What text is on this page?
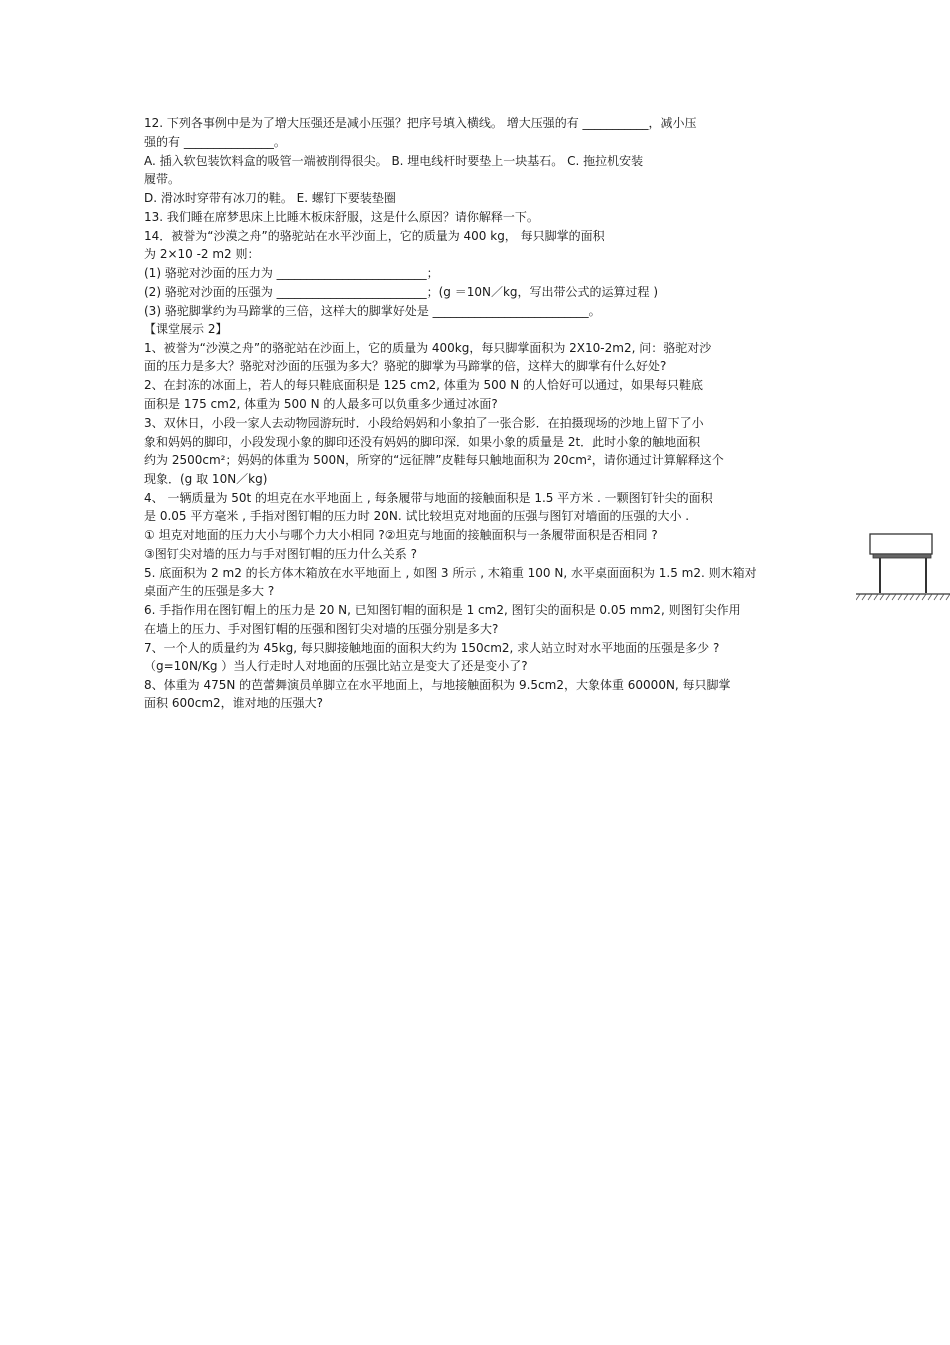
12. 下列各事例中是为了增大压强还是减小压强？把序号填入横线。 增大压强的有 ___________，减小压
强的有 _______________。
A. 插入软包装饮料盒的吸管一端被削得很尖。 B. 埋电线杆时要垫上一块基石。 C. 拖拉机安装
履带。
D. 滑冰时穿带有冰刀的鞋。 E. 螺钉下要装垫圈
13. 我们睡在席梦思床上比睡木板床舒服，这是什么原因？请你解释一下。
14．被誉为“沙漠之舟”的骆驼站在水平沙面上，它的质量为 400 kg， 每只脚掌的面积
为 2×10 -2 m2 则：
(1) 骆驼对沙面的压力为 _________________________；
(2) 骆驼对沙面的压强为 _________________________；(g ＝10N／kg，写出带公式的运算过程 )
(3) 骆驼脚掌约为马蹄掌的三倍，这样大的脚掌好处是 __________________________。
【课堂展示 2】
1、被誉为“沙漠之舟”的骆驼站在沙面上，它的质量为 400kg，每只脚掌面积为 2X10-2m2, 问：骆驼对沙
面的压力是多大？骆驼对沙面的压强为多大？骆驼的脚掌为马蹄掌的倍，这样大的脚掌有什么好处?
2、在封冻的冰面上，若人的每只鞋底面积是 125 cm2, 体重为 500 N 的人恰好可以通过，如果每只鞋底
面积是 175 cm2, 体重为 500 N 的人最多可以负重多少通过冰面?
3、双休日，小段一家人去动物园游玩时．小段给妈妈和小象拍了一张合影．在拍摄现场的沙地上留下了小
象和妈妈的脚印，小段发现小象的脚印还没有妈妈的脚印深．如果小象的质量是 2t．此时小象的触地面积
约为 2500cm²；妈妈的体重为 500N，所穿的“远征牌”皮鞋每只触地面积为 20cm²，请你通过计算解释这个
现象．(g 取 10N／kg)
4、 一辆质量为 50t 的坦克在水平地面上 , 每条履带与地面的接触面积是 1.5 平方米 . 一颗图钉针尖的面积
是 0.05 平方毫米 , 手指对图钉帽的压力时 20N. 试比较坦克对地面的压强与图钉对墙面的压强的大小 .
① 坦克对地面的压力大小与哪个力大小相同 ?②坦克与地面的接触面积与一条履带面积是否相同 ?
③图钉尖对墙的压力与手对图钉帽的压力什么关系 ?
5. 底面积为 2 m2 的长方体木箱放在水平地面上 , 如图 3 所示 , 木箱重 100 N, 水平桌面面积为 1.5 m2. 则木箱对
桌面产生的压强是多大 ?
6. 手指作用在图钉帽上的压力是 20 N, 已知图钉帽的面积是 1 cm2, 图钉尖的面积是 0.05 mm2, 则图钉尖作用
在墙上的压力、手对图钉帽的压强和图钉尖对墙的压强分别是多大?
7、一个人的质量约为 45kg, 每只脚接触地面的面积大约为 150cm2, 求人站立时对水平地面的压强是多少 ?
（g=10N/Kg ）当人行走时人对地面的压强比站立是变大了还是变小了?
8、体重为 475N 的芭蕾舞演员单脚立在水平地面上，与地接触面积为 9.5cm2，大象体重 60000N, 每只脚掌
面积 600cm2，谁对地的压强大?
